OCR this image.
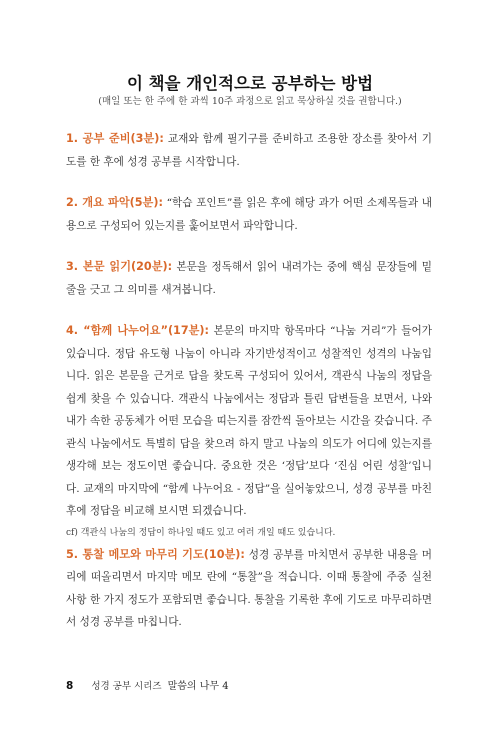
이 책을 개인적으로 공부하는 방법
(매일 또는 한 주에 한 과씩 10주 과정으로 읽고 묵상하실 것을 권합니다.)

1. 공부 준비(3분): 교재와 함께 필기구를 준비하고 조용한 장소를 찾아서 기도를 한 후에 성경 공부를 시작합니다.

2. 개요 파악(5분): “학습 포인트”를 읽은 후에 해당 과가 어떤 소제목들과 내용으로 구성되어 있는지를 훑어보면서 파악합니다.

3. 본문 읽기(20분): 본문을 정독해서 읽어 내려가는 중에 핵심 문장들에 밑줄을 긋고 그 의미를 새겨봅니다.

4. “함께 나누어요”(17분): 본문의 마지막 항목마다 “나눔 거리”가 들어가 있습니다. 정답 유도형 나눔이 아니라 자기반성적이고 성찰적인 성격의 나눔입니다. 읽은 본문을 근거로 답을 찾도록 구성되어 있어서, 객관식 나눔의 정답을 쉽게 찾을 수 있습니다. 객관식 나눔에서는 정답과 틀린 답변들을 보면서, 나와 내가 속한 공동체가 어떤 모습을 띠는지를 잠깐씩 돌아보는 시간을 갖습니다. 주관식 나눔에서도 특별히 답을 찾으려 하지 말고 나눔의 의도가 어디에 있는지를 생각해 보는 정도이면 좋습니다. 중요한 것은 ‘정답’보다 ‘진심 어린 성찰’입니다. 교재의 마지막에 “함께 나누어요 - 정답”을 실어놓았으니, 성경 공부를 마친 후에 정답을 비교해 보시면 되겠습니다.

cf) 객관식 나눔의 정답이 하나일 때도 있고 여러 개일 때도 있습니다.

5. 통찰 메모와 마무리 기도(10분): 성경 공부를 마치면서 공부한 내용을 머리에 떠올리면서 마지막 메모 란에 “통찰”을 적습니다. 이때 통찰에 주중 실천 사항 한 가지 정도가 포함되면 좋습니다. 통찰을 기록한 후에 기도로 마무리하면서 성경 공부를 마칩니다.

8 성경 공부 시리즈 말씀의 나무 4
